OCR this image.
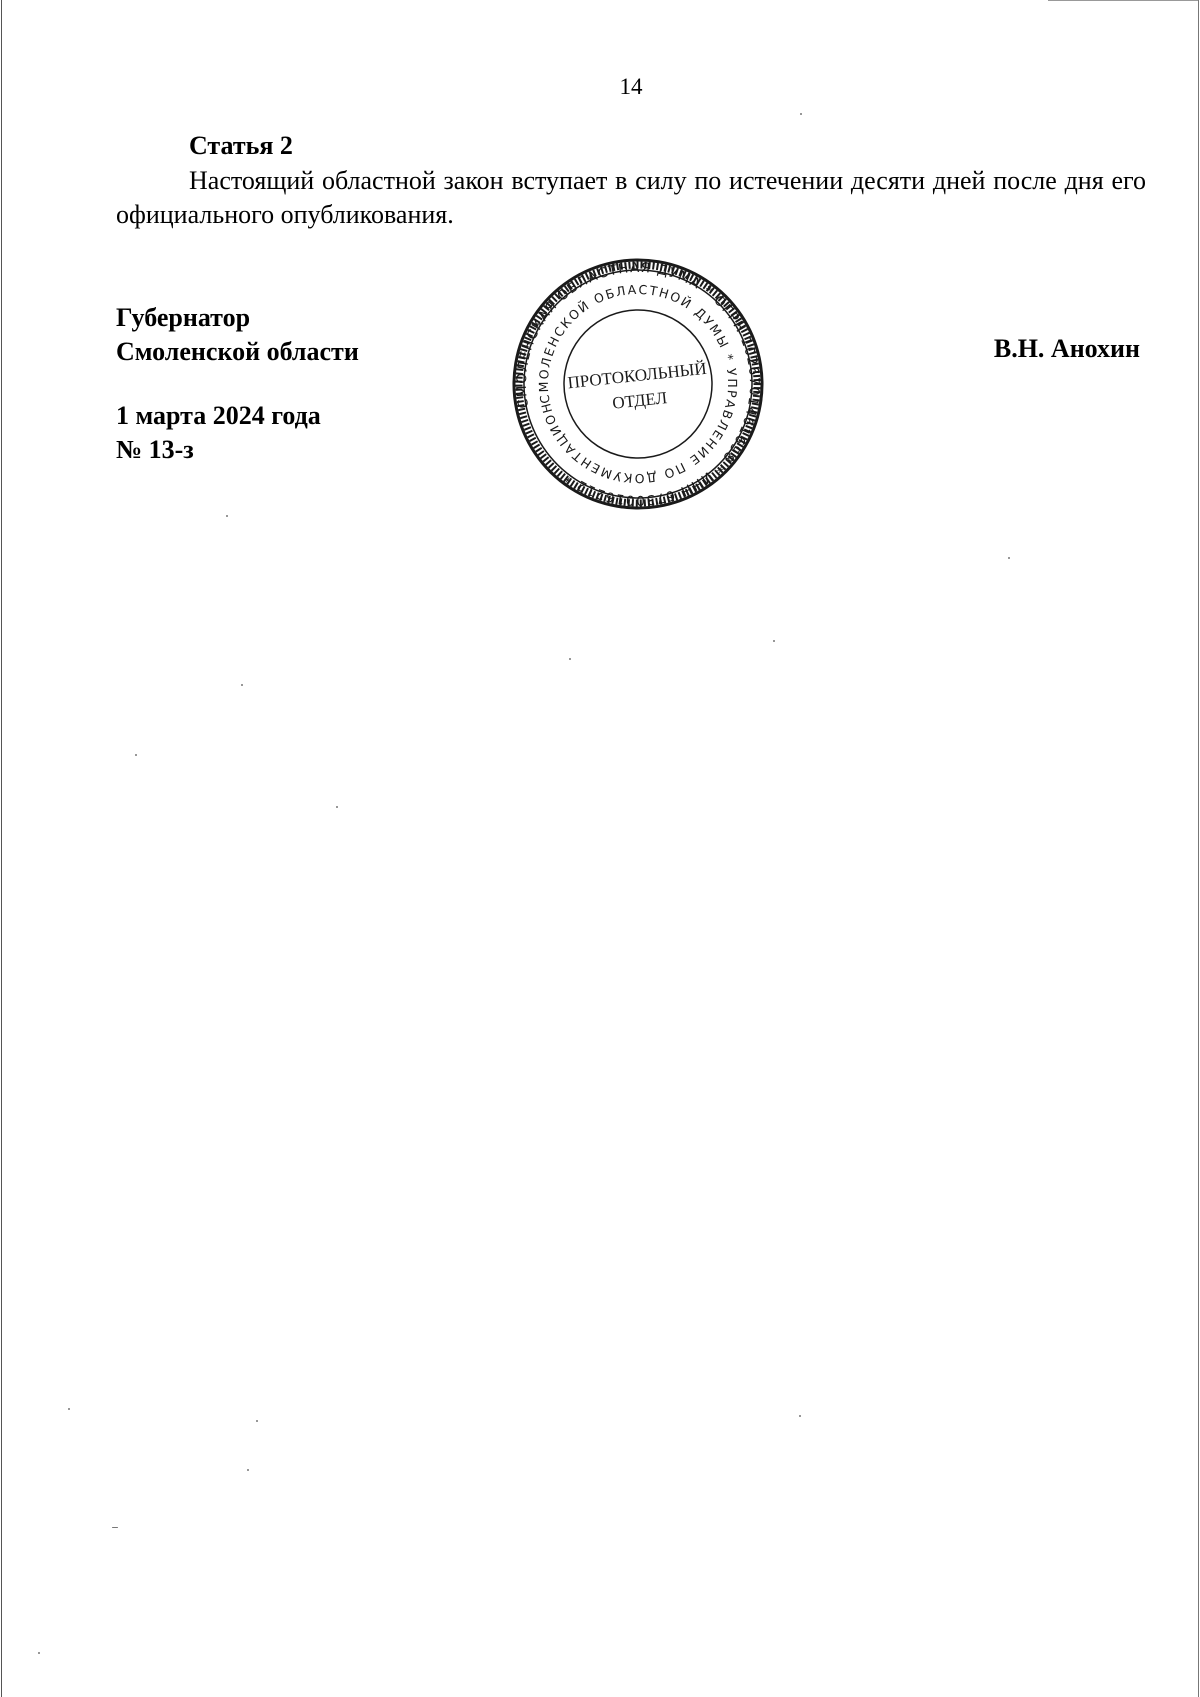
14
Статья 2
Настоящий областной закон вступает в силу по истечении десяти дней после дня его официального опубликования.
Губернатор
Смоленской области	В.Н. Анохин
1 марта 2024 года
№ 13-з
СМОЛЕНСКАЯ ОБЛАСТНАЯ ДУМА * ОГРН 1026701461698 * ИНН 6730016212 *
СМОЛЕНСКОЙ ОБЛАСТНОЙ ДУМЫ * УПРАВЛЕНИЕ ПО ДОКУМЕНТАЦИОННОМУ
ПРОТОКОЛЬНЫЙ
ОТДЕЛ
